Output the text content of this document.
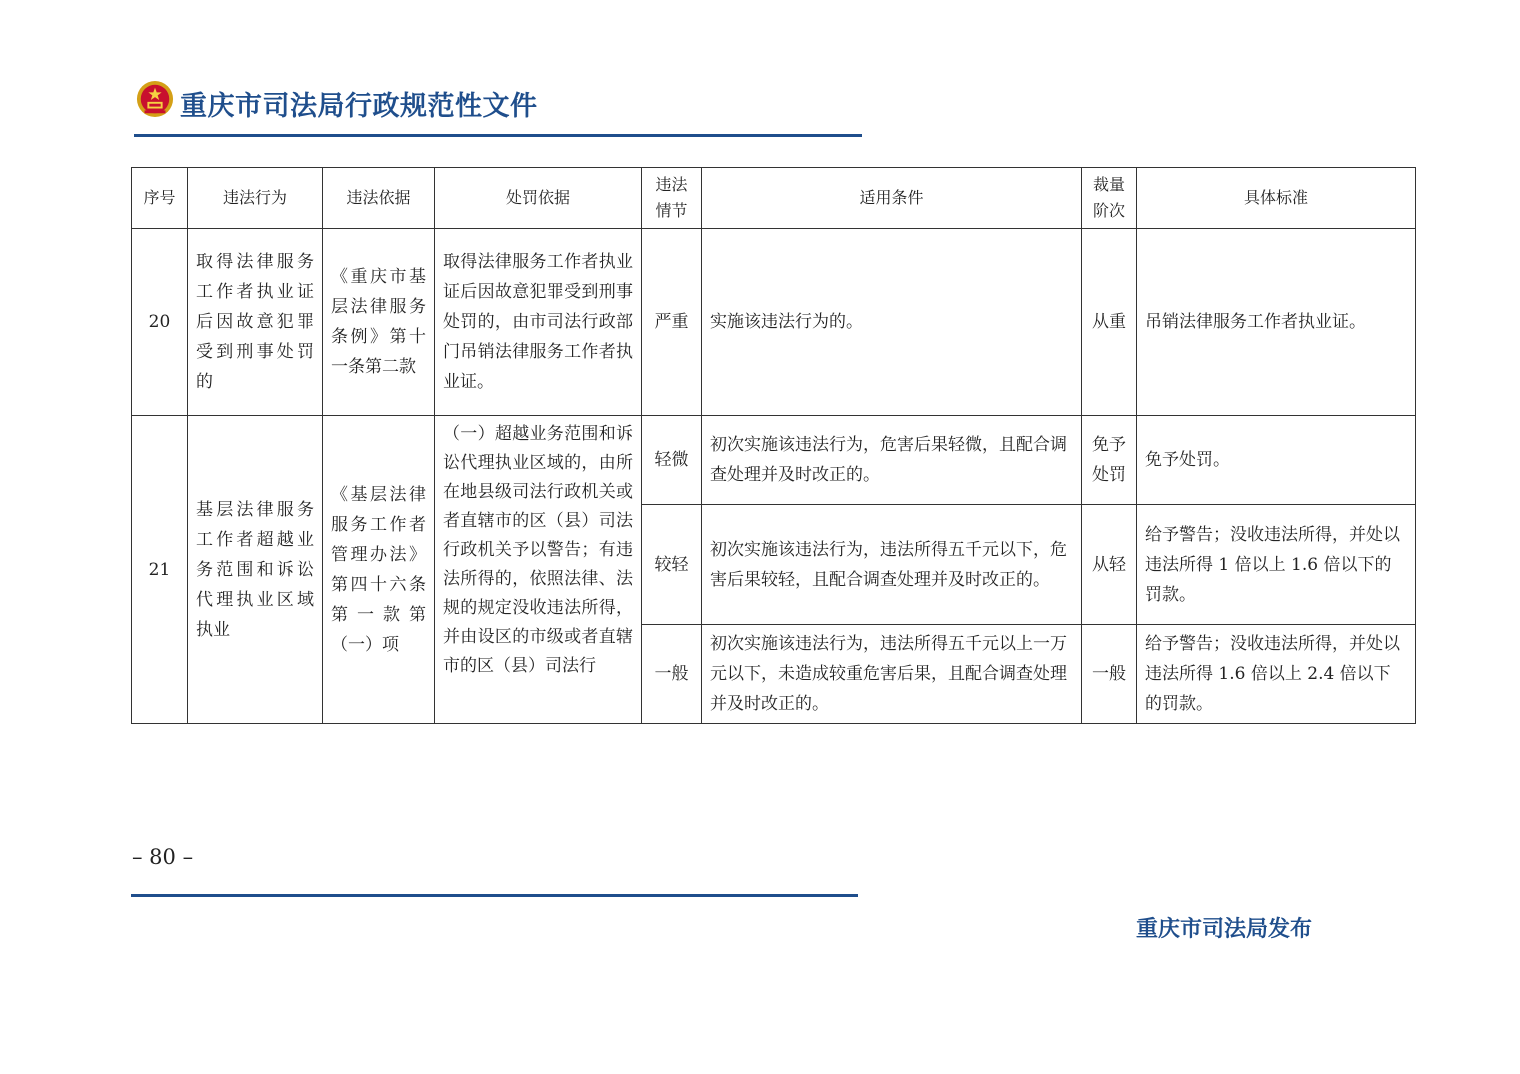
重庆市司法局行政规范性文件
序号	违法行为	违法依据	处罚依据	违法情节	适用条件	裁量阶次	具体标准
20	取得法律服务工作者执业证后因故意犯罪受到刑事处罚的	《重庆市基层法律服务条例》第十一条第二款	取得法律服务工作者执业证后因故意犯罪受到刑事处罚的，由市司法行政部门吊销法律服务工作者执业证。	严重	实施该违法行为的。	从重	吊销法律服务工作者执业证。
21	基层法律服务工作者超越业务范围和诉讼代理执业区域执业	《基层法律服务工作者管理办法》第四十六条第一款第（一）项	（一）超越业务范围和诉讼代理执业区域的，由所在地县级司法行政机关或者直辖市的区（县）司法行政机关予以警告；有违法所得的，依照法律、法规的规定没收违法所得，并由设区的市级或者直辖市的区（县）司法行	轻微	初次实施该违法行为，危害后果轻微，且配合调查处理并及时改正的。	免予处罚	免予处罚。
				较轻	初次实施该违法行为，违法所得五千元以下，危害后果较轻，且配合调查处理并及时改正的。	从轻	给予警告；没收违法所得，并处以违法所得 1 倍以上 1.6 倍以下的罚款。
				一般	初次实施该违法行为，违法所得五千元以上一万元以下，未造成较重危害后果，且配合调查处理并及时改正的。	一般	给予警告；没收违法所得，并处以违法所得 1.6 倍以上 2.4 倍以下的罚款。
– 80 –
重庆市司法局发布
